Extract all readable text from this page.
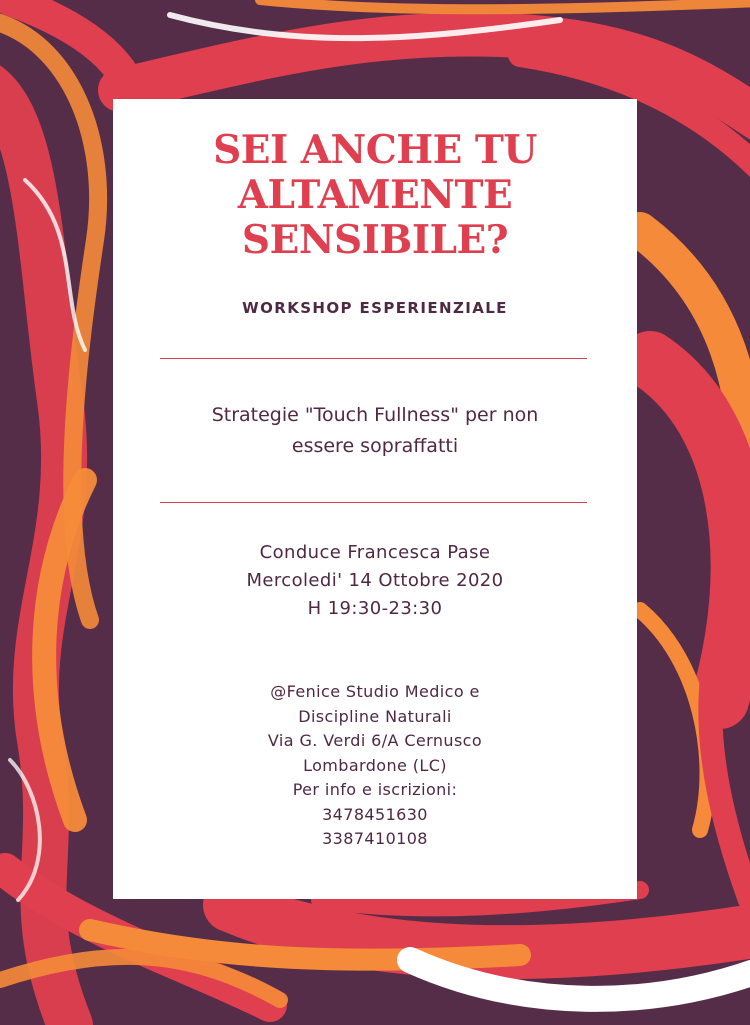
SEI ANCHE TU
ALTAMENTE
SENSIBILE?
WORKSHOP ESPERIENZIALE
Strategie "Touch Fullness" per non
essere sopraffatti
Conduce Francesca Pase
Mercoledi' 14 Ottobre 2020
H 19:30-23:30
@Fenice Studio Medico e
Discipline Naturali
Via G. Verdi 6/A Cernusco
Lombardone (LC)
Per info e iscrizioni:
3478451630
3387410108
